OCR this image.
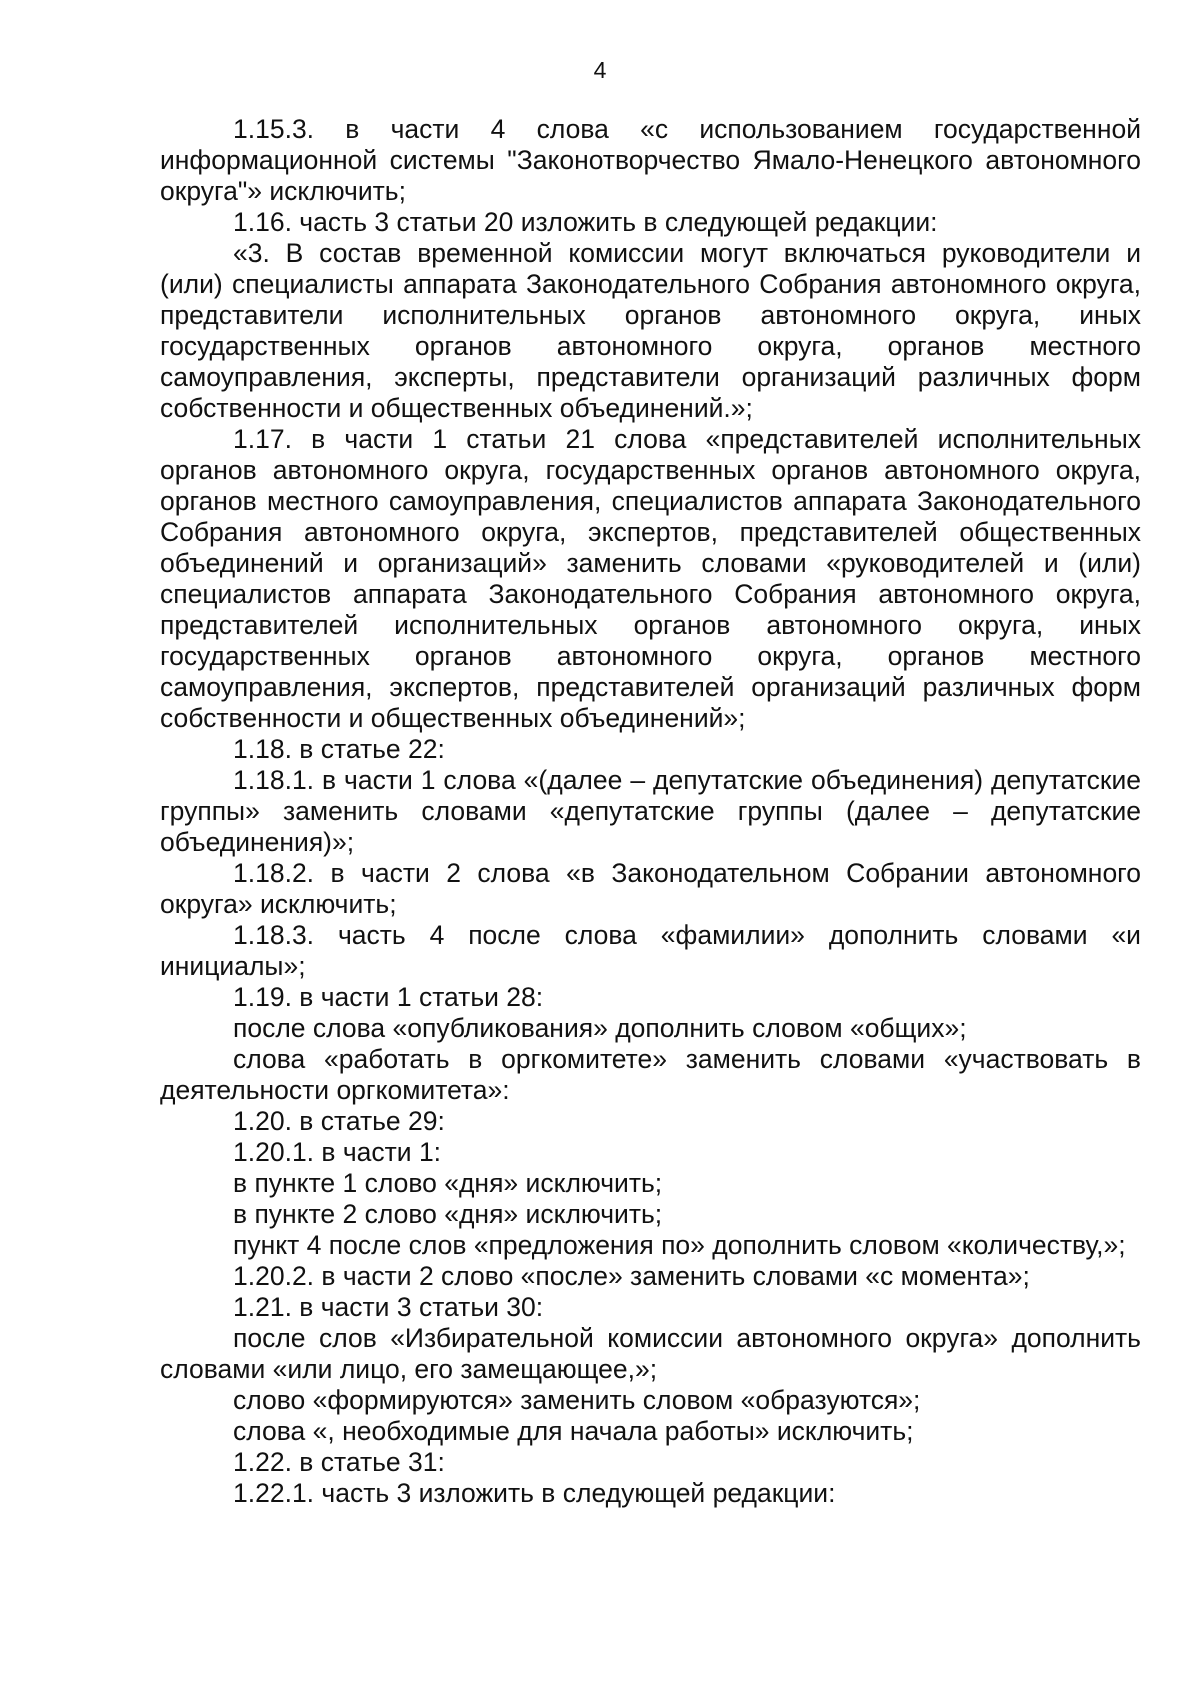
4

1.15.3. в части 4 слова «с использованием государственной информационной системы "Законотворчество Ямало-Ненецкого автономного округа"» исключить;

1.16. часть 3 статьи 20 изложить в следующей редакции:

«3. В состав временной комиссии могут включаться руководители и (или) специалисты аппарата Законодательного Собрания автономного округа, представители исполнительных органов автономного округа, иных государственных органов автономного округа, органов местного самоуправления, эксперты, представители организаций различных форм собственности и общественных объединений.»;

1.17. в части 1 статьи 21 слова «представителей исполнительных органов автономного округа, государственных органов автономного округа, органов местного самоуправления, специалистов аппарата Законодательного Собрания автономного округа, экспертов, представителей общественных объединений и организаций» заменить словами «руководителей и (или) специалистов аппарата Законодательного Собрания автономного округа, представителей исполнительных органов автономного округа, иных государственных органов автономного округа, органов местного самоуправления, экспертов, представителей организаций различных форм собственности и общественных объединений»;

1.18. в статье 22:

1.18.1. в части 1 слова «(далее – депутатские объединения) депутатские группы» заменить словами «депутатские группы (далее – депутатские объединения)»;

1.18.2. в части 2 слова «в Законодательном Собрании автономного округа» исключить;

1.18.3. часть 4 после слова «фамилии» дополнить словами «и инициалы»;

1.19. в части 1 статьи 28:

после слова «опубликования» дополнить словом «общих»;

слова «работать в оргкомитете» заменить словами «участвовать в деятельности оргкомитета»:

1.20. в статье 29:

1.20.1. в части 1:

в пункте 1 слово «дня» исключить;

в пункте 2 слово «дня» исключить;

пункт 4 после слов «предложения по» дополнить словом «количеству,»;

1.20.2. в части 2 слово «после» заменить словами «с момента»;

1.21. в части 3 статьи 30:

после слов «Избирательной комиссии автономного округа» дополнить словами «или лицо, его замещающее,»;

слово «формируются» заменить словом «образуются»;

слова «, необходимые для начала работы» исключить;

1.22. в статье 31:

1.22.1. часть 3 изложить в следующей редакции:
